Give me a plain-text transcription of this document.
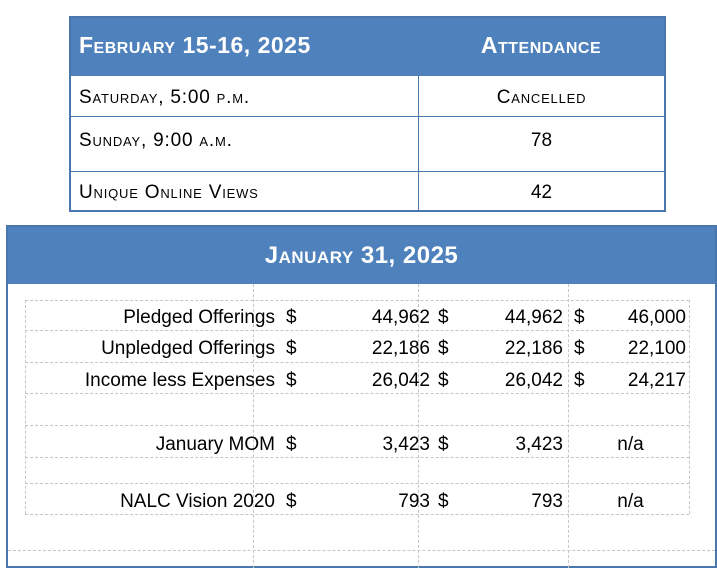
February 15-16, 2025	Attendance
Saturday, 5:00 p.m.	Cancelled
Sunday, 9:00 a.m.	78
Unique Online Views	42
January 31, 2025
Pledged Offerings $	44,962 $	44,962 $	46,000
Unpledged Offerings $	22,186 $	22,186 $	22,100
Income less Expenses $	26,042 $	26,042 $	24,217
January MOM $	3,423 $	3,423	n/a
NALC Vision 2020 $	793 $	793	n/a
